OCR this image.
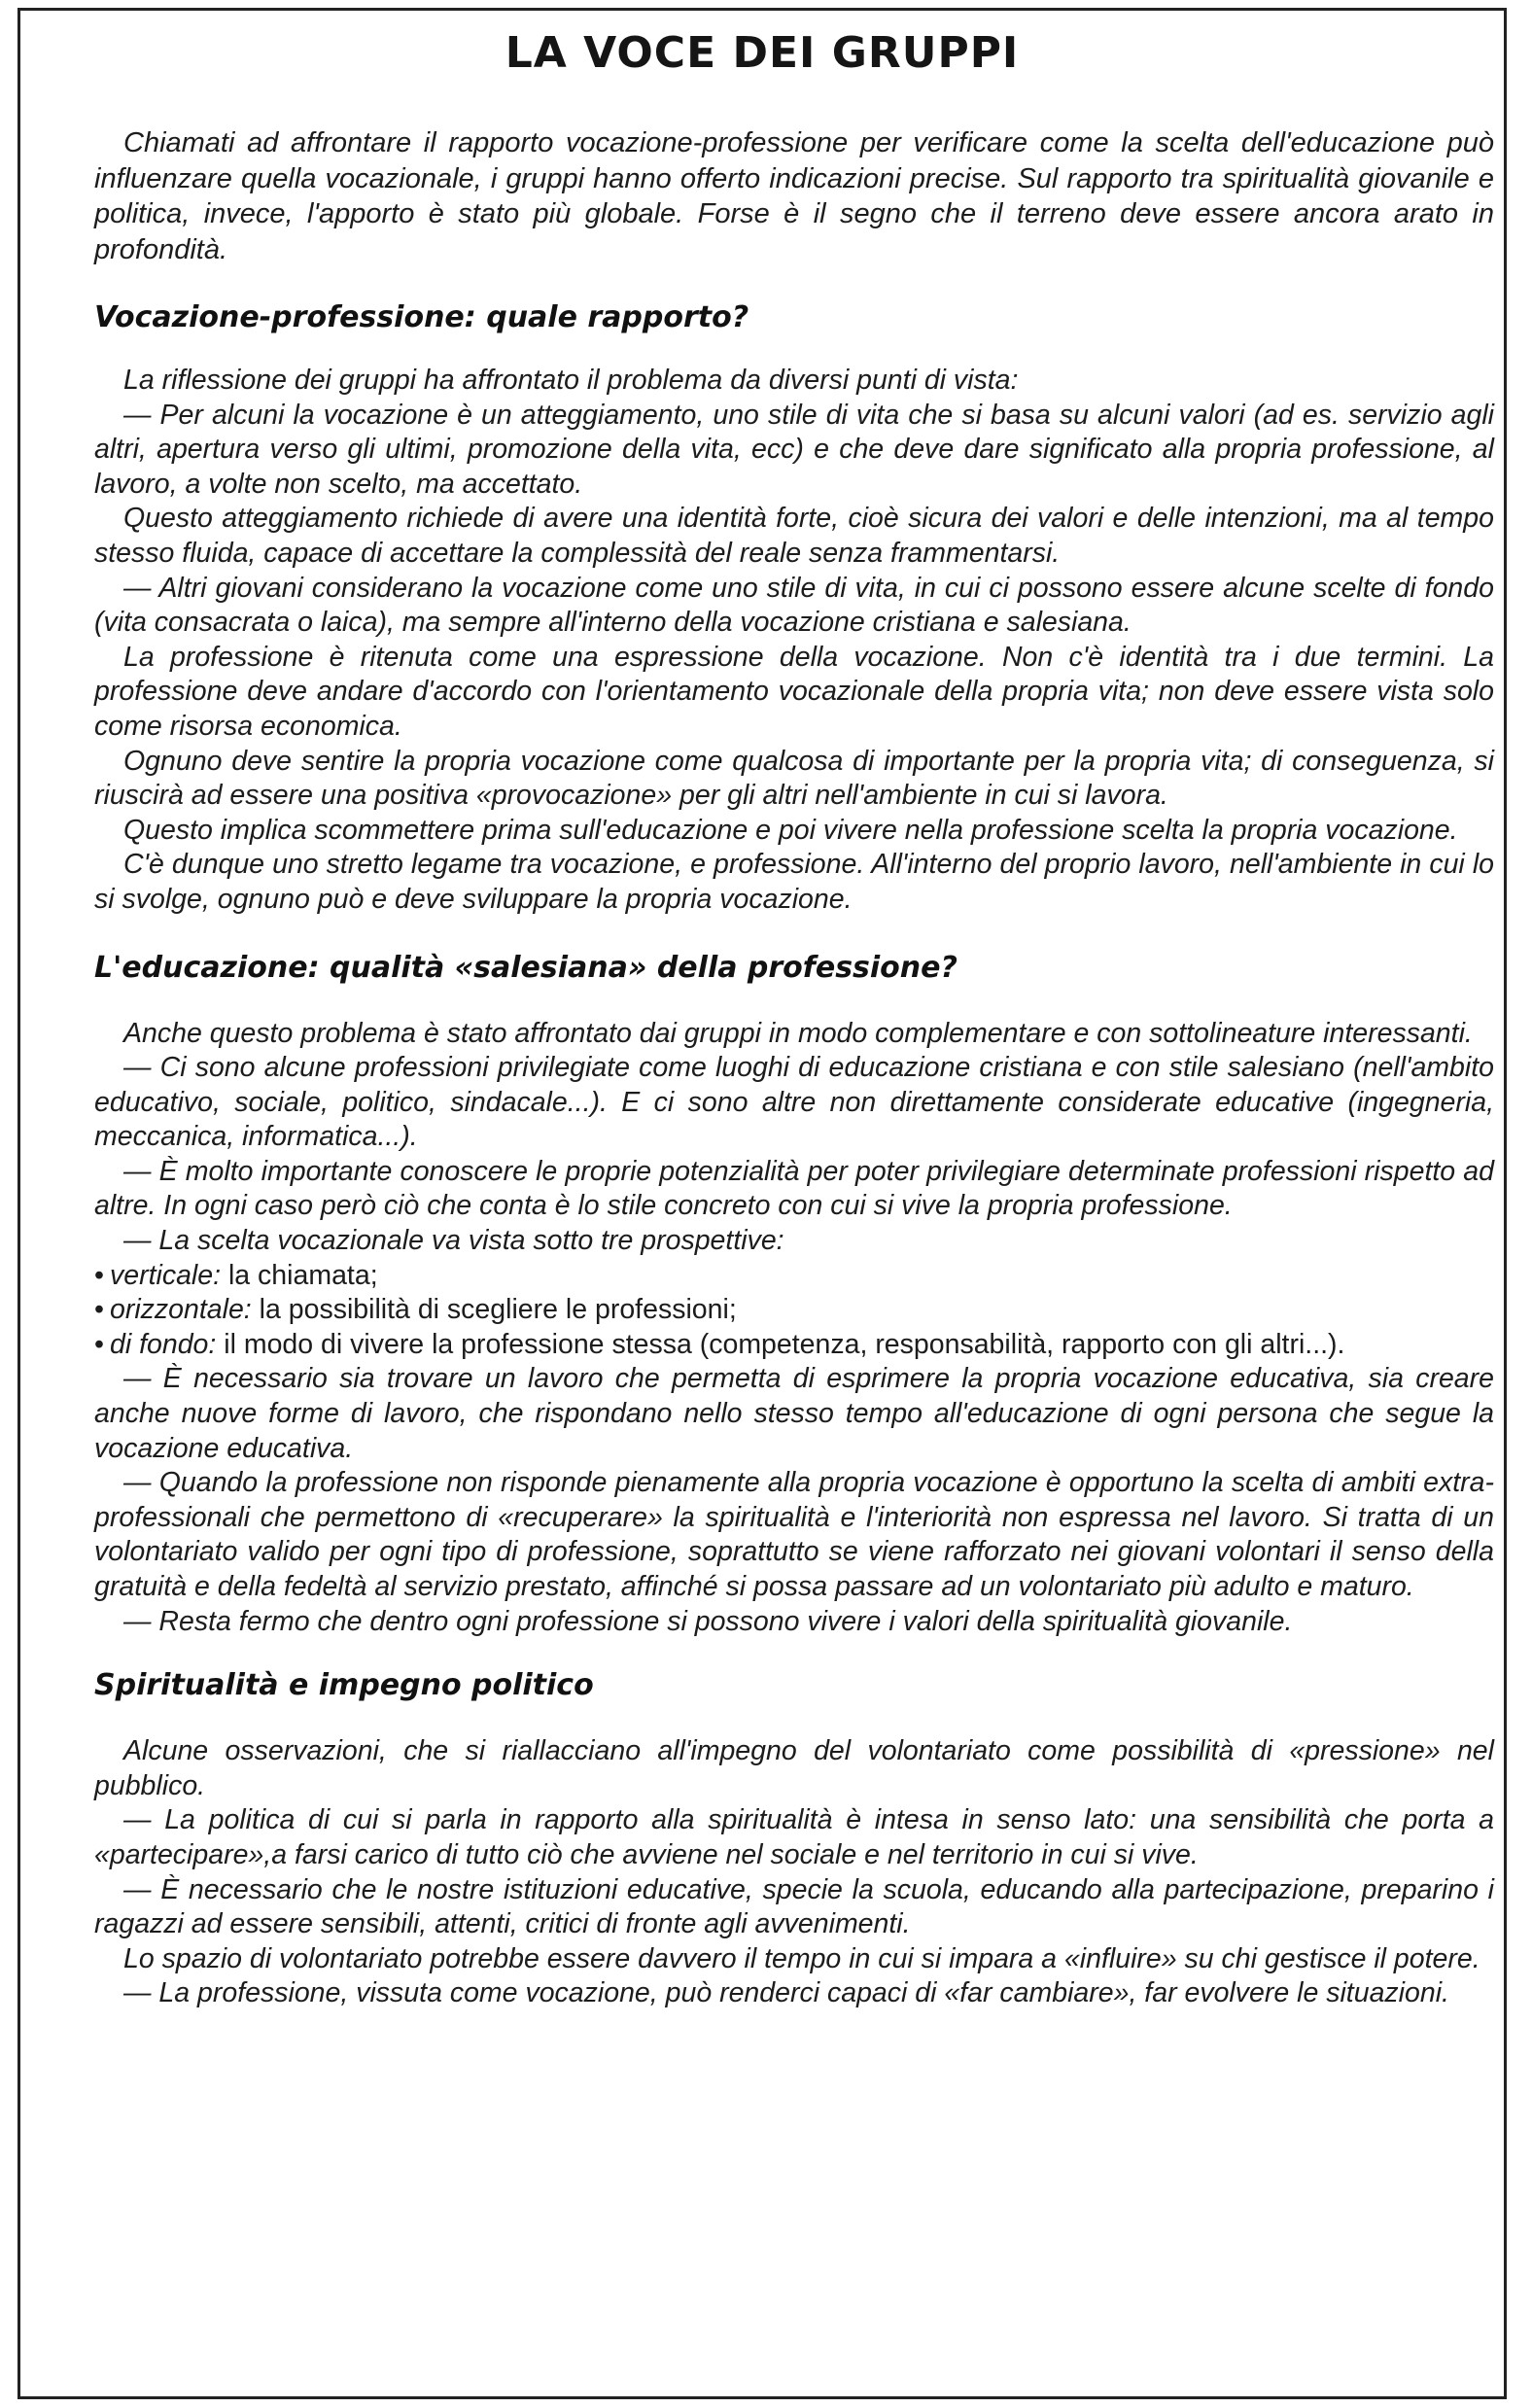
LA VOCE DEI GRUPPI

Chiamati ad affrontare il rapporto vocazione-professione per verificare come la scelta dell'educazione può influenzare quella vocazionale, i gruppi hanno offerto indicazioni precise. Sul rapporto tra spiritualità giovanile e politica, invece, l'apporto è stato più globale. Forse è il segno che il terreno deve essere ancora arato in profondità.

Vocazione-professione: quale rapporto?

La riflessione dei gruppi ha affrontato il problema da diversi punti di vista:

— Per alcuni la vocazione è un atteggiamento, uno stile di vita che si basa su alcuni valori (ad es. servizio agli altri, apertura verso gli ultimi, promozione della vita, ecc) e che deve dare significato alla propria professione, al lavoro, a volte non scelto, ma accettato.

Questo atteggiamento richiede di avere una identità forte, cioè sicura dei valori e delle intenzioni, ma al tempo stesso fluida, capace di accettare la complessità del reale senza frammentarsi.

— Altri giovani considerano la vocazione come uno stile di vita, in cui ci possono essere alcune scelte di fondo (vita consacrata o laica), ma sempre all'interno della vocazione cristiana e salesiana.

La professione è ritenuta come una espressione della vocazione. Non c'è identità tra i due termini. La professione deve andare d'accordo con l'orientamento vocazionale della propria vita; non deve essere vista solo come risorsa economica.

Ognuno deve sentire la propria vocazione come qualcosa di importante per la propria vita; di conseguenza, si riuscirà ad essere una positiva «provocazione» per gli altri nell'ambiente in cui si lavora.

Questo implica scommettere prima sull'educazione e poi vivere nella professione scelta la propria vocazione.

C'è dunque uno stretto legame tra vocazione, e professione. All'interno del proprio lavoro, nell'ambiente in cui lo si svolge, ognuno può e deve sviluppare la propria vocazione.

L'educazione: qualità «salesiana» della professione?

Anche questo problema è stato affrontato dai gruppi in modo complementare e con sottolineature interessanti.

— Ci sono alcune professioni privilegiate come luoghi di educazione cristiana e con stile salesiano (nell'ambito educativo, sociale, politico, sindacale...). E ci sono altre non direttamente considerate educative (ingegneria, meccanica, informatica...).

— È molto importante conoscere le proprie potenzialità per poter privilegiare determinate professioni rispetto ad altre. In ogni caso però ciò che conta è lo stile concreto con cui si vive la propria professione.

— La scelta vocazionale va vista sotto tre prospettive:

• verticale: la chiamata;

• orizzontale: la possibilità di scegliere le professioni;

• di fondo: il modo di vivere la professione stessa (competenza, responsabilità, rapporto con gli altri...).

— È necessario sia trovare un lavoro che permetta di esprimere la propria vocazione educativa, sia creare anche nuove forme di lavoro, che rispondano nello stesso tempo all'educazione di ogni persona che segue la vocazione educativa.

— Quando la professione non risponde pienamente alla propria vocazione è opportuno la scelta di ambiti extra-professionali che permettono di «recuperare» la spiritualità e l'interiorità non espressa nel lavoro. Si tratta di un volontariato valido per ogni tipo di professione, soprattutto se viene rafforzato nei giovani volontari il senso della gratuità e della fedeltà al servizio prestato, affinché si possa passare ad un volontariato più adulto e maturo.

— Resta fermo che dentro ogni professione si possono vivere i valori della spiritualità giovanile.

Spiritualità e impegno politico

Alcune osservazioni, che si riallacciano all'impegno del volontariato come possibilità di «pressione» nel pubblico.

— La politica di cui si parla in rapporto alla spiritualità è intesa in senso lato: una sensibilità che porta a «partecipare»,a farsi carico di tutto ciò che avviene nel sociale e nel territorio in cui si vive.

— È necessario che le nostre istituzioni educative, specie la scuola, educando alla partecipazione, preparino i ragazzi ad essere sensibili, attenti, critici di fronte agli avvenimenti.

Lo spazio di volontariato potrebbe essere davvero il tempo in cui si impara a «influire» su chi gestisce il potere.

— La professione, vissuta come vocazione, può renderci capaci di «far cambiare», far evolvere le situazioni.
